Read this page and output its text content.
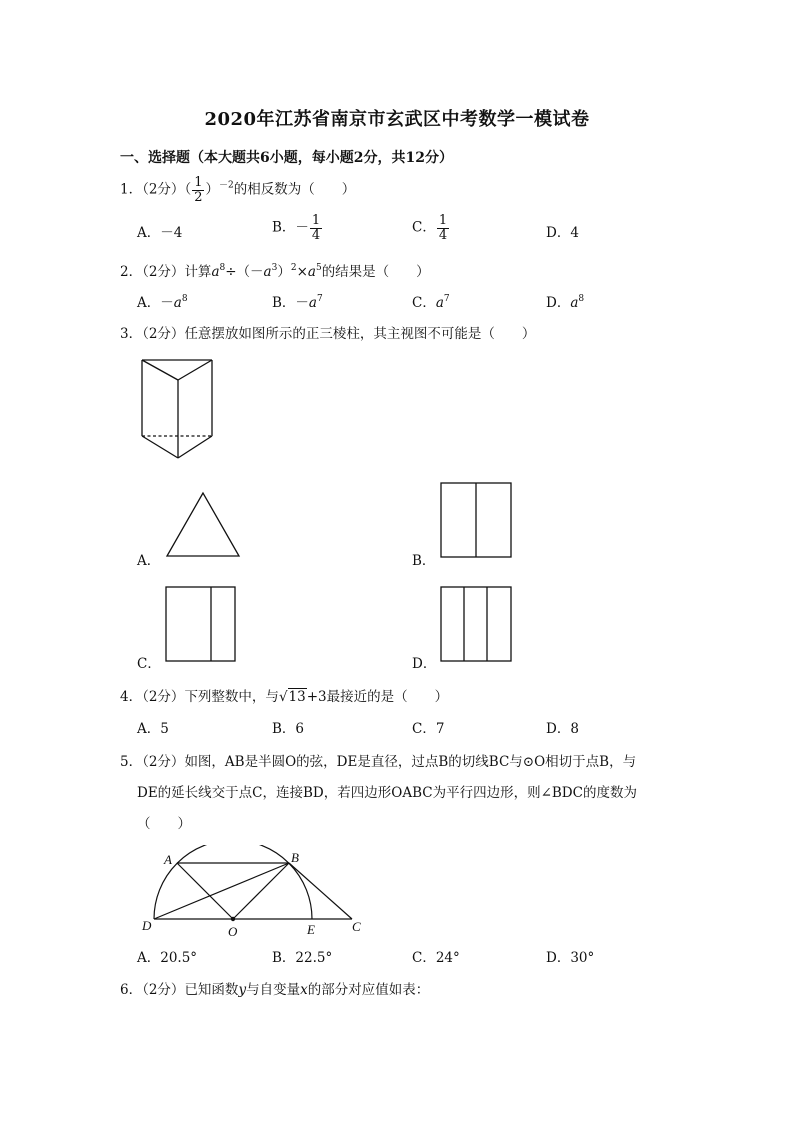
2020年江苏省南京市玄武区中考数学一模试卷
一、选择题（本大题共6小题，每小题2分，共12分）
1．（2分）（ $\frac{1}{2} )^{-2}$的相反数为（　　）
A．－4	B．－ $\frac{1}{4}$	C． $\frac{1}{4}$	D．4
2．（2分）计算$a^8\div(-a^3)^2\times a^5$的结果是（　　）
A．$-a^8$	B．$-a^7$	C．$a^7$	D．$a^8$
3．（2分）任意摆放如图所示的正三棱柱，其主视图不可能是（　　）
A．	B．
C．	D．
4．（2分）下列整数中，与√13+3最接近的是（　　）
A．5	B．6	C．7	D．8
5．（2分）如图，AB是半圆O的弦，DE是直径，过点B的切线BC与⊙O相切于点B，与
DE的延长线交于点C，连接BD，若四边形OABC为平行四边形，则∠BDC的度数为
（　　）
A	B
D	O	E	C
A．20.5°	B．22.5°	C．24°	D．30°
6．（2分）已知函数y与自变量x的部分对应值如表：
